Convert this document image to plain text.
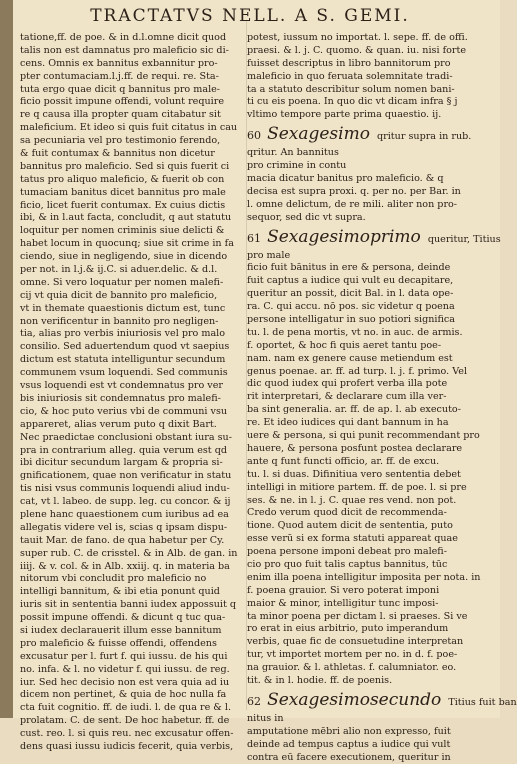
TRACTATVS NELL. A S. GEMI.
tatione,ff. de poe. & in d.l.omne dicit quod
talis non est damnatus pro maleficio sic di-
cens. Omnis ex bannitus exbannitur pro-
pter contumaciam.l.j.ff. de requi. re. Sta-
tuta ergo quae dicit q bannitus pro male-
ficio possit impune offendi, volunt require
re q causa illa propter quam citabatur sit
maleficium. Et ideo si quis fuit citatus in cau
sa pecuniaria vel pro testimonio ferendo,
& fuit contumax & bannitus non dicetur
bannitus pro maleficio. Sed si quis fuerit ci
tatus pro aliquo maleficio, & fuerit ob con
tumaciam banitus dicet bannitus pro male
ficio, licet fuerit contumax. Ex cuius dictis
ibi, & in l.aut facta, concludit, q aut statutu
loquitur per nomen criminis siue delicti &
habet locum in quocunq; siue sit crime in fa
ciendo, siue in negligendo, siue in dicendo
per not. in l.j.& ij.C. si aduer.delic. & d.l.
omne. Si vero loquatur per nomen malefi-
cij vt quia dicit de bannito pro maleficio,
vt in themate quaestionis dictum est, tunc
non verificentur in bannito pro negligen-
tia, alias pro verbis iniuriosis vel pro malo
consilio. Sed aduertendum quod vt saepius
dictum est statuta intelliguntur secundum
communem vsum loquendi. Sed communis
vsus loquendi est vt condemnatus pro ver
bis iniuriosis sit condemnatus pro malefi-
cio, & hoc puto verius vbi de communi vsu
appareret, alias verum puto q dixit Bart.
Nec praedictae conclusioni obstant iura su-
pra in contrarium alleg. quia verum est qd
ibi dicitur secundum largam & propria si-
gnificationem, quae non verificatur in statu
tis nisi vsus communis loquendi aliud indu-
cat, vt l. labeo. de supp. leg. cu concor. & ij
plene hanc quaestionem cum iuribus ad ea
allegatis videre vel is, scias q ipsam dispu-
tauit Mar. de fano. de qua habetur per Cy.
super rub. C. de crisstel. & in Alb. de gan. in
iiij. & v. col. & in Alb. xxiij. q. in materia ba
nitorum vbi concludit pro maleficio no
intelligi bannitum, & ibi etia ponunt quid
iuris sit in sententia banni iudex appossuit q
possit impune offendi. & dicunt q tuc qua-
si iudex declarauerit illum esse bannitum
pro maleficio & fuisse offendi, offendens
excusatur per l. furt f. qui iussu. de his qui
no. infa. & l. no videtur f. qui iussu. de reg.
iur. Sed hec decisio non est vera quia ad iu
dicem non pertinet, & quia de hoc nulla fa
cta fuit cognitio. ff. de iudi. l. de qua re & l.
prolatam. C. de sent. De hoc habetur. ff. de
cust. reo. l. si quis reu. nec excusatur offen-
dens quasi iussu iudicis fecerit, quia verbis,
potest, iussum no importat. l. sepe. ff. de offi.
praesi. & l. j. C. quomo. & quan. iu. nisi forte
fuisset descriptus in libro bannitorum pro
maleficio in quo feruata solemnitate tradi-
ta a statuto describitur solum nomen bani-
ti cu eis poena. In quo dic vt dicam infra § j
vltimo tempore parte prima quaestio. ij.
60 Sexagesimo qritur supra in rub.
qritur. An bannitus
pro crimine in contu
macia dicatur banitus pro maleficio. & q
decisa est supra proxi. q. per no. per Bar. in
l. omne delictum, de re mili. aliter non pro-
sequor, sed dic vt supra.
61 Sexagesimoprimo queritur, Titius
pro male
ficio fuit bānitus in ere & persona, deinde
fuit captus a iudice qui vult eu decapitare,
queritur an possit, dicit Bal. in l. data ope-
ra. C. qui accu. nō pos. sic videtur q poena
persone intelligatur in suo potiori significa
tu. l. de pena mortis, vt no. in auc. de armis.
f. oportet, & hoc fi quis aeret tantu poe-
nam. nam ex genere cause metiendum est
genus poenae. ar. ff. ad turp. l. j. f. primo. Vel
dic quod iudex qui profert verba illa pote
rit interpretari, & declarare cum illa ver-
ba sint generalia. ar. ff. de ap. l. ab executo-
re. Et ideo iudices qui dant bannum in ha
uere & persona, si qui punit recommendant pro
hauere, & persona posfunt postea declarare
ante q funt functi officio, ar. ff. de excu.
tu. l. si duas. Difinitiua vero sententia debet
intelligi in mitiore partem. ff. de poe. l. si pre
ses. & ne. in l. j. C. quae res vend. non pot.
Credo verum quod dicit de recommenda-
tione. Quod autem dicit de sententia, puto
esse verū si ex forma statuti appareat quae
poena persone imponi debeat pro malefi-
cio pro quo fuit talis captus bannitus, tūc
enim illa poena intelligitur imposita per nota. in
f. poena grauior. Si vero poterat imponi
maior & minor, intelligitur tunc imposi-
ta minor poena per dictam l. si praeses. Si ve
ro erat in eius arbitrio, puto imperandum
verbis, quae fic de consuetudine interpretan
tur, vt importet mortem per no. in d. f. poe-
na grauior. & l. athletas. f. calumniator. eo.
tit. & in l. hodie. ff. de poenis.
62 Sexagesimosecundo Titius fuit ban
nitus in
amputatione mēbri alio non expresso, fuit
deinde ad tempus captus a iudice qui vult
contra eū facere executionem, queritur in
